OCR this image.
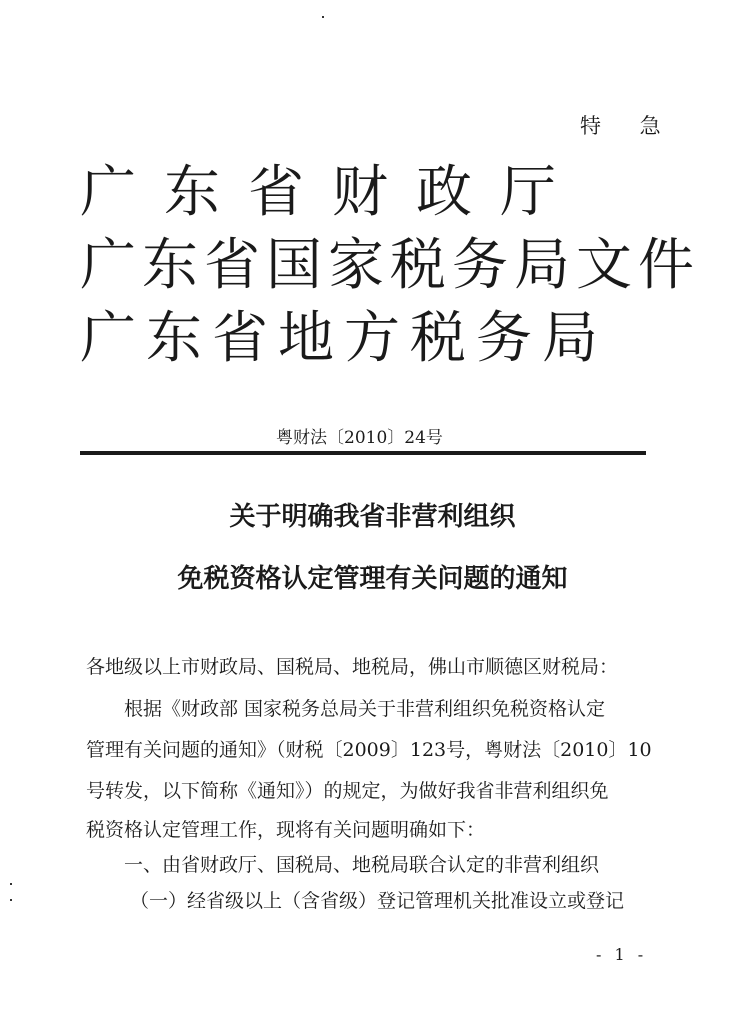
特 急
广东省财政厅
广东省国家税务局文件
广东省地方税务局
粤财法〔2010〕24号
关于明确我省非营利组织
免税资格认定管理有关问题的通知
各地级以上市财政局、国税局、地税局，佛山市顺德区财税局：
根据《财政部 国家税务总局关于非营利组织免税资格认定
管理有关问题的通知》（财税〔2009〕123号，粤财法〔2010〕10
号转发，以下简称《通知》）的规定，为做好我省非营利组织免
税资格认定管理工作，现将有关问题明确如下：
一、由省财政厅、国税局、地税局联合认定的非营利组织
（一）经省级以上（含省级）登记管理机关批准设立或登记
- 1 -
